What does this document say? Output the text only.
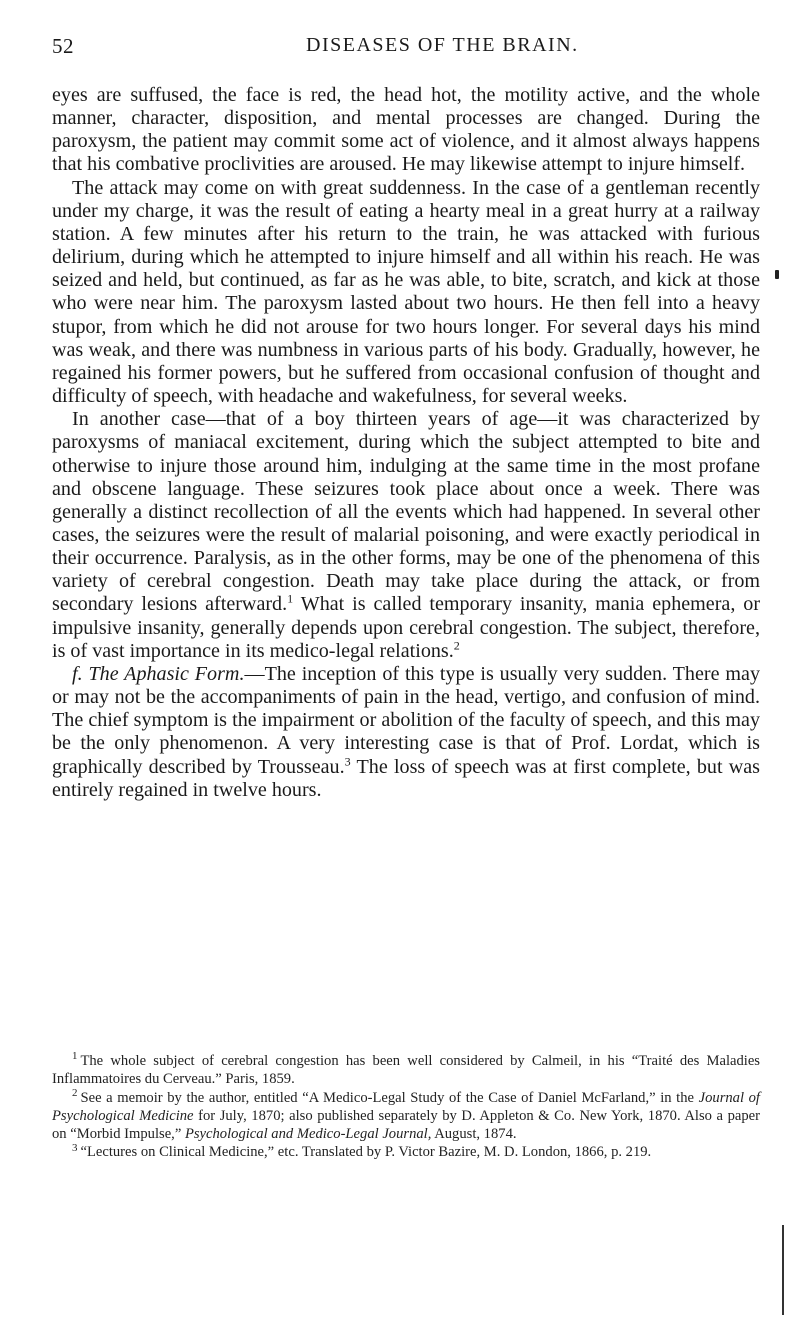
52	DISEASES OF THE BRAIN.

eyes are suffused, the face is red, the head hot, the motility active, and the whole manner, character, disposition, and mental processes are changed. During the paroxysm, the patient may commit some act of violence, and it almost always happens that his combative proclivities are aroused. He may likewise attempt to injure himself.

The attack may come on with great suddenness. In the case of a gentleman recently under my charge, it was the result of eating a hearty meal in a great hurry at a railway station. A few minutes after his return to the train, he was attacked with furious delirium, during which he attempted to injure himself and all within his reach. He was seized and held, but continued, as far as he was able, to bite, scratch, and kick at those who were near him. The paroxysm lasted about two hours. He then fell into a heavy stupor, from which he did not arouse for two hours longer. For several days his mind was weak, and there was numbness in various parts of his body. Gradually, however, he regained his former powers, but he suffered from occasional confusion of thought and difficulty of speech, with headache and wakefulness, for several weeks.

In another case—that of a boy thirteen years of age—it was characterized by paroxysms of maniacal excitement, during which the subject attempted to bite and otherwise to injure those around him, indulging at the same time in the most profane and obscene language. These seizures took place about once a week. There was generally a distinct recollection of all the events which had happened. In several other cases, the seizures were the result of malarial poisoning, and were exactly periodical in their occurrence. Paralysis, as in the other forms, may be one of the phenomena of this variety of cerebral congestion. Death may take place during the attack, or from secondary lesions afterward.$^1$ What is called temporary insanity, mania ephemera, or impulsive insanity, generally depends upon cerebral congestion. The subject, therefore, is of vast importance in its medico-legal relations.$^2$

f. The Aphasic Form.—The inception of this type is usually very sudden. There may or may not be the accompaniments of pain in the head, vertigo, and confusion of mind. The chief symptom is the impairment or abolition of the faculty of speech, and this may be the only phenomenon. A very interesting case is that of Prof. Lordat, which is graphically described by Trousseau.$^3$ The loss of speech was at first complete, but was entirely regained in twelve hours.

$^1$ The whole subject of cerebral congestion has been well considered by Calmeil, in his “Traité des Maladies Inflammatoires du Cerveau.” Paris, 1859.

$^2$ See a memoir by the author, entitled “A Medico-Legal Study of the Case of Daniel McFarland,” in the Journal of Psychological Medicine for July, 1870; also published separately by D. Appleton & Co. New York, 1870. Also a paper on “Morbid Impulse,” Psychological and Medico-Legal Journal, August, 1874.

$^3$ “Lectures on Clinical Medicine,” etc. Translated by P. Victor Bazire, M. D. London, 1866, p. 219.
